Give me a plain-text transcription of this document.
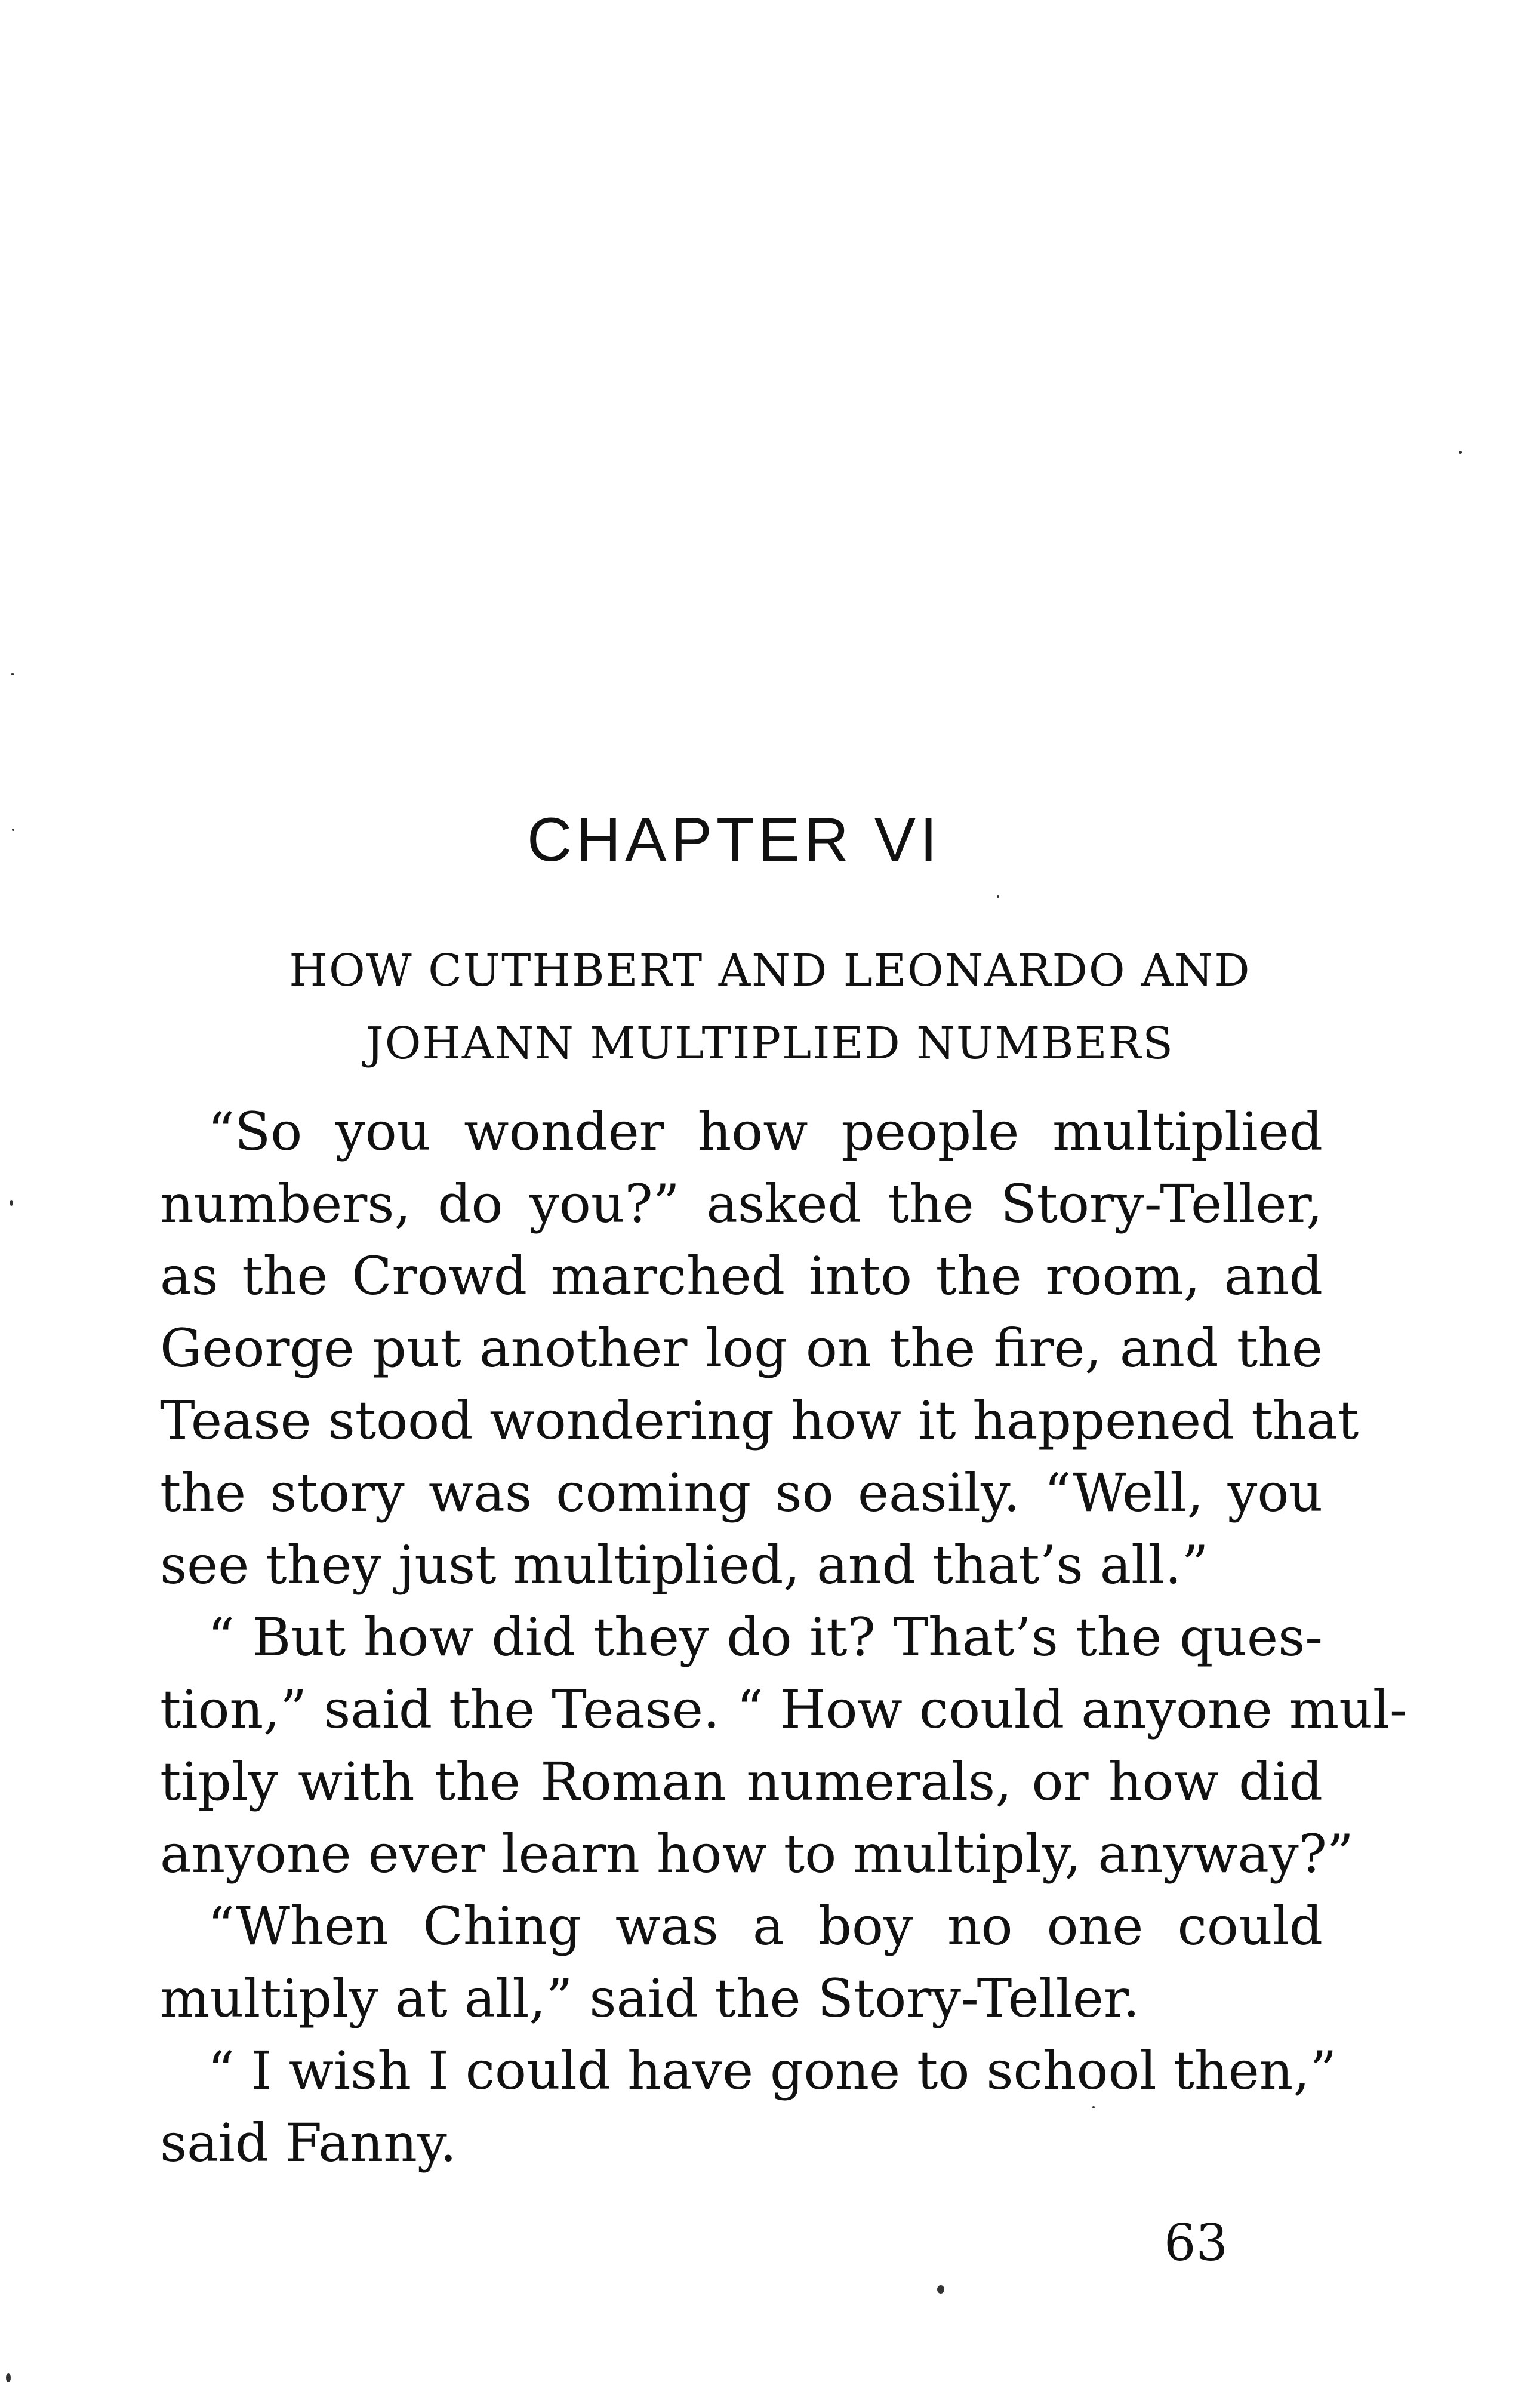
CHAPTER VI
HOW CUTHBERT AND LEONARDO AND
JOHANN MULTIPLIED NUMBERS
“So you wonder how people multiplied
numbers, do you?” asked the Story-Teller,
as the Crowd marched into the room, and
George put another log on the fire, and the
Tease stood wondering how it happened that
the story was coming so easily. “Well, you
see they just multiplied, and that’s all.”
“ But how did they do it? That’s the ques-
tion,” said the Tease. “ How could anyone mul-
tiply with the Roman numerals, or how did
anyone ever learn how to multiply, anyway?”
“When Ching was a boy no one could
multiply at all,” said the Story-Teller.
“ I wish I could have gone to school then,”
said Fanny.
63
